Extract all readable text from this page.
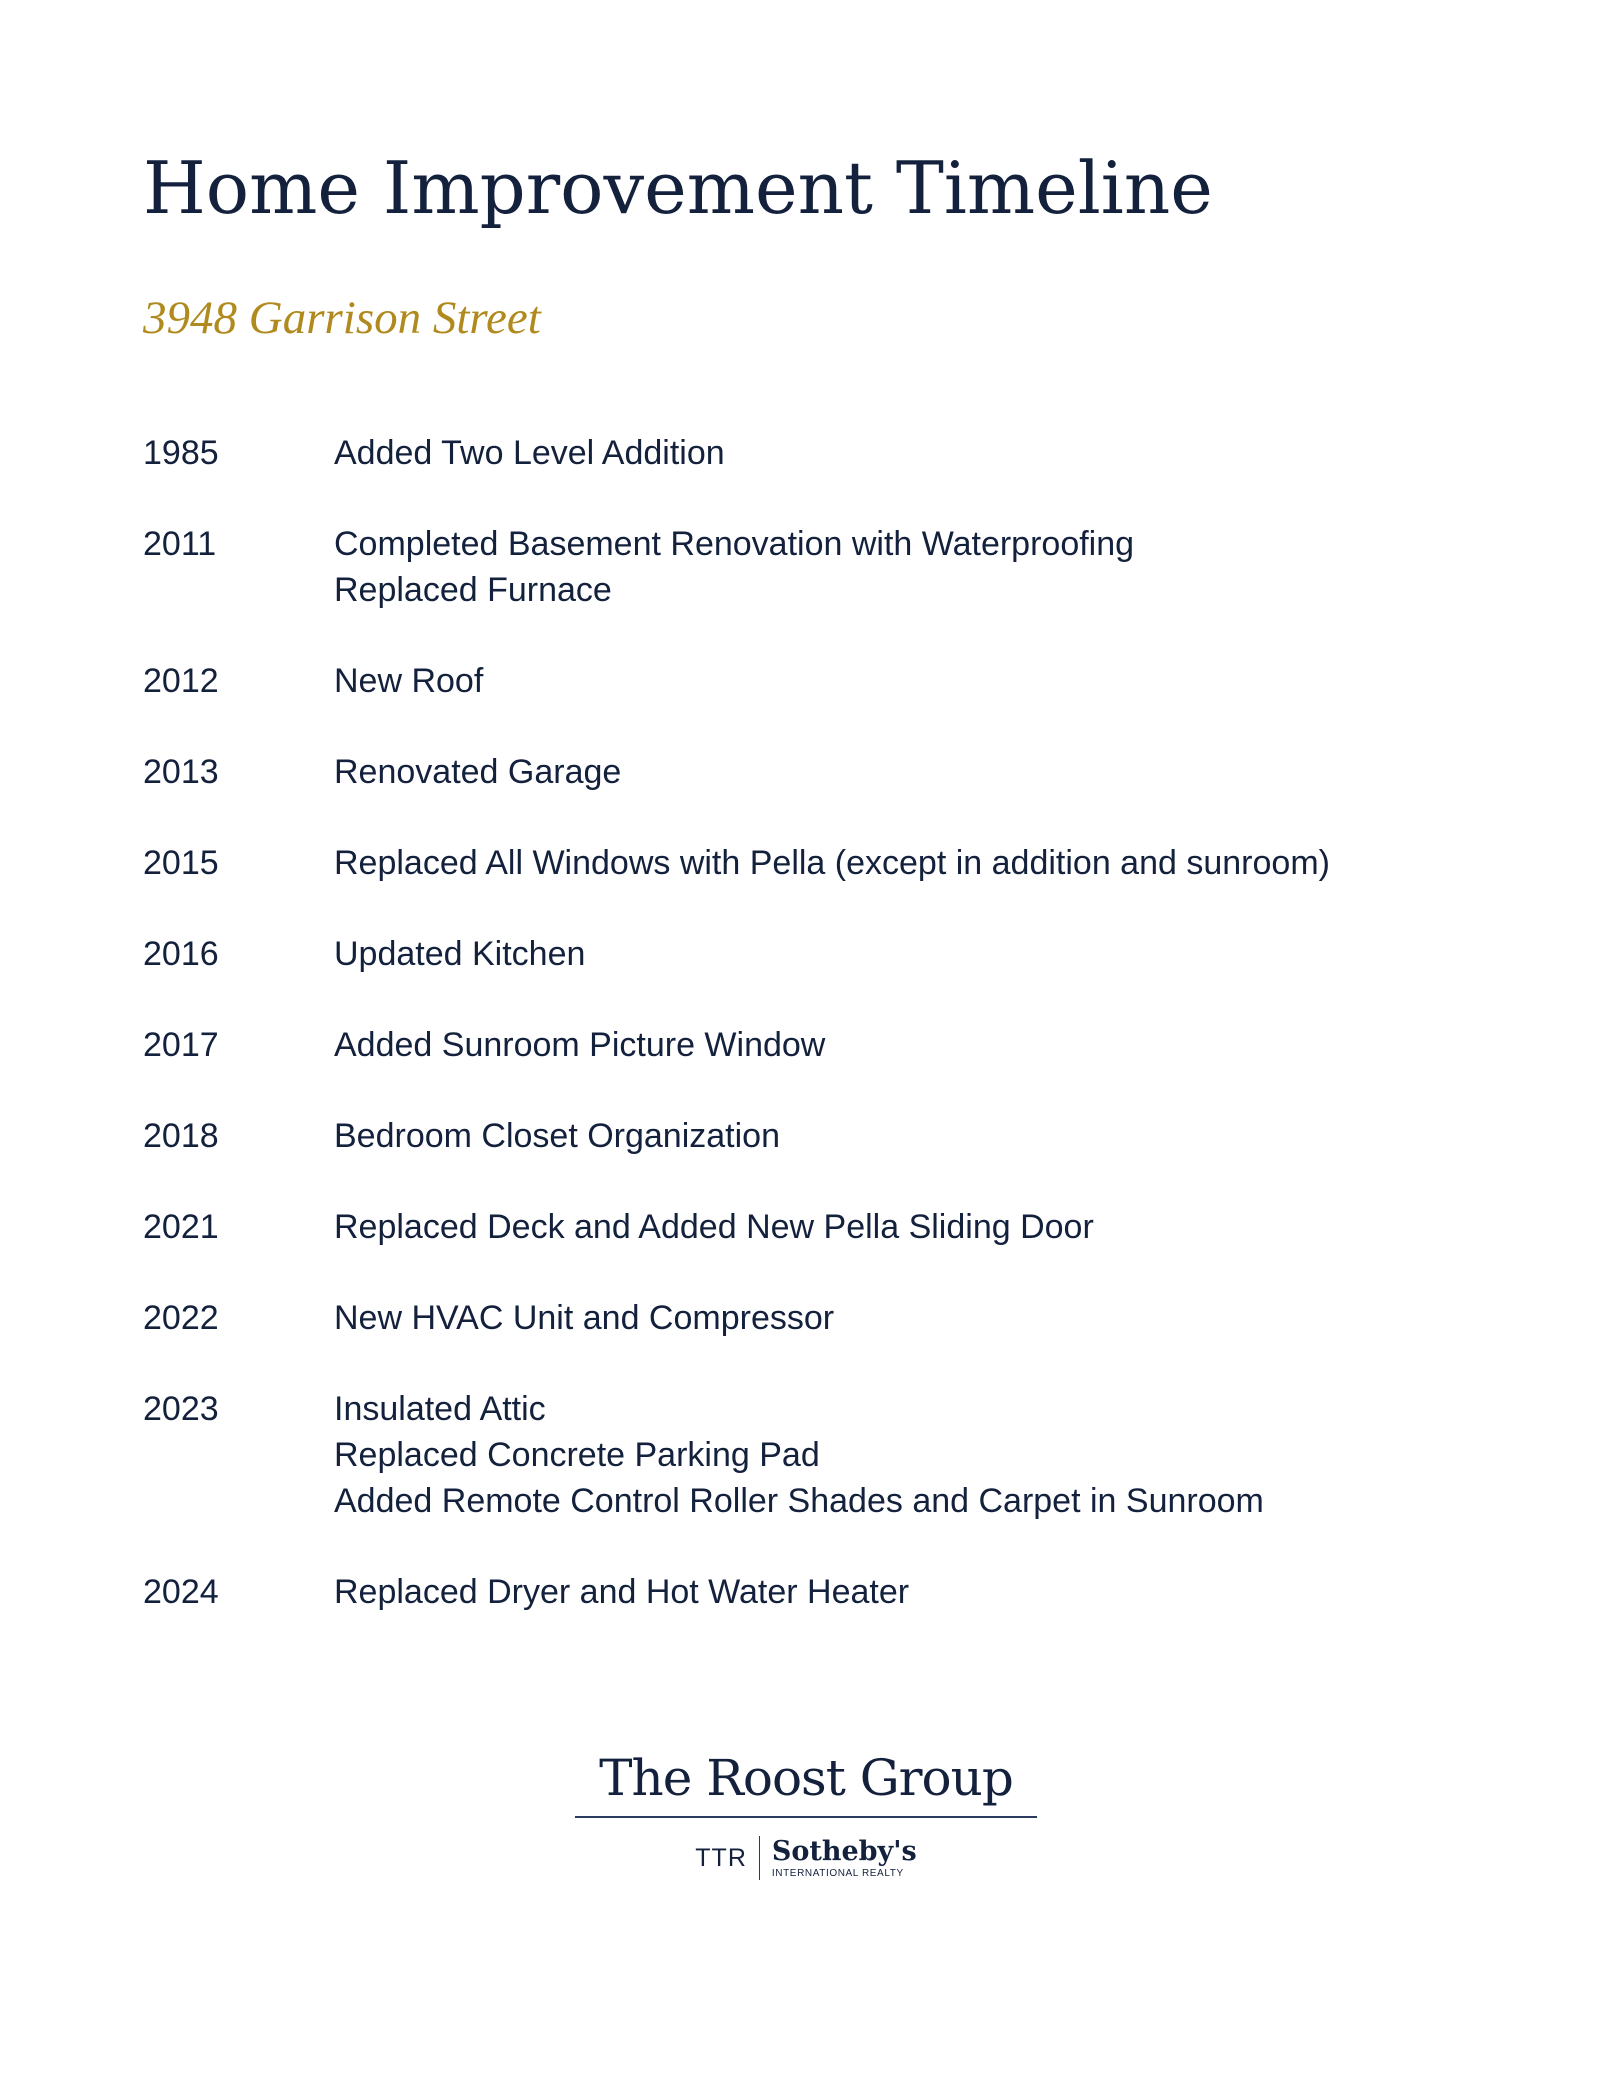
Home Improvement Timeline
3948 Garrison Street
1985	Added Two Level Addition
2011	Completed Basement Renovation with Waterproofing
Replaced Furnace
2012	New Roof
2013	Renovated Garage
2015	Replaced All Windows with Pella (except in addition and sunroom)
2016	Updated Kitchen
2017	Added Sunroom Picture Window
2018	Bedroom Closet Organization
2021	Replaced Deck and Added New Pella Sliding Door
2022	New HVAC Unit and Compressor
2023	Insulated Attic
Replaced Concrete Parking Pad
Added Remote Control Roller Shades and Carpet in Sunroom
2024	Replaced Dryer and Hot Water Heater
The Roost Group
TTR Sotheby's
INTERNATIONAL REALTY
